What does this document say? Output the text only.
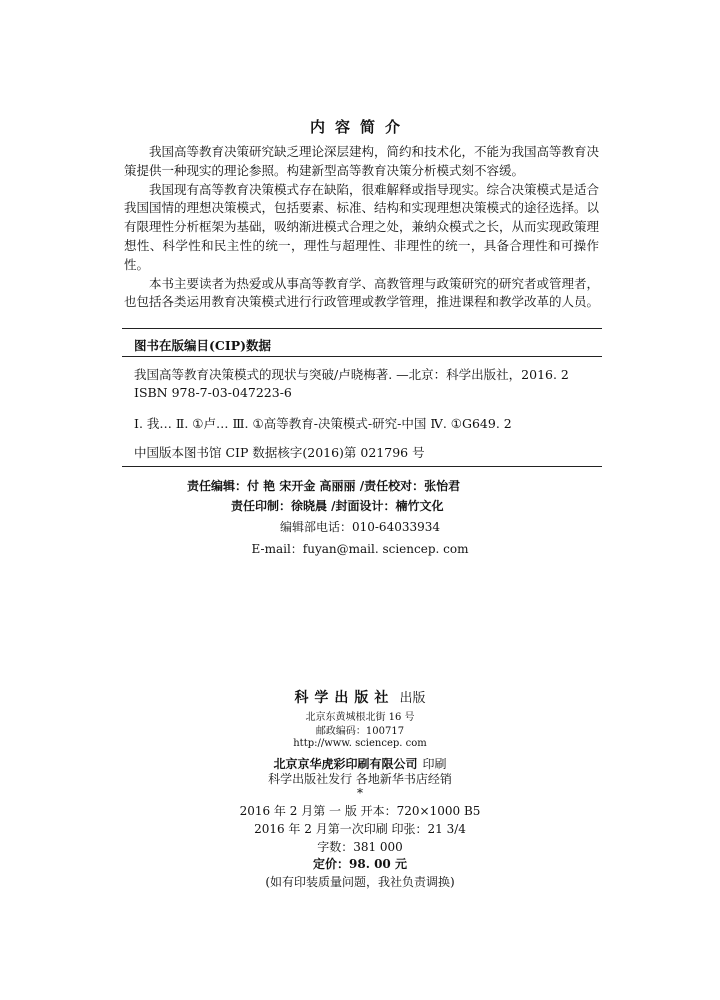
内容简介

我国高等教育决策研究缺乏理论深层建构，简约和技术化，不能为我国高等教育决策提供一种现实的理论参照。构建新型高等教育决策分析模式刻不容缓。

我国现有高等教育决策模式存在缺陷，很难解释或指导现实。综合决策模式是适合我国国情的理想决策模式，包括要素、标准、结构和实现理想决策模式的途径选择。以有限理性分析框架为基础，吸纳渐进模式合理之处，兼纳众模式之长，从而实现政策理想性、科学性和民主性的统一，理性与超理性、非理性的统一，具备合理性和可操作性。

本书主要读者为热爱或从事高等教育学、高教管理与政策研究的研究者或管理者，也包括各类运用教育决策模式进行行政管理或教学管理，推进课程和教学改革的人员。

图书在版编目(CIP)数据
我国高等教育决策模式的现状与突破/卢晓梅著. —北京：科学出版社，2016. 2
ISBN 978-7-03-047223-6
Ⅰ. 我… Ⅱ. ①卢… Ⅲ. ①高等教育-决策模式-研究-中国 Ⅳ. ①G649. 2
中国版本图书馆 CIP 数据核字(2016)第 021796 号
责任编辑：付 艳 宋开金 高丽丽 /责任校对：张怡君
责任印制：徐晓晨 /封面设计：楠竹文化
编辑部电话：010-64033934
E-mail：fuyan@mail. sciencep. com
科学出版社 出版
北京东黄城根北街 16 号
邮政编码：100717
http://www. sciencep. com
北京京华虎彩印刷有限公司 印刷
科学出版社发行 各地新华书店经销
*
2016 年 2 月第 一 版 开本：720×1000 B5
2016 年 2 月第一次印刷 印张：21 3/4
字数：381 000
定价：98. 00 元
(如有印装质量问题，我社负责调换)
